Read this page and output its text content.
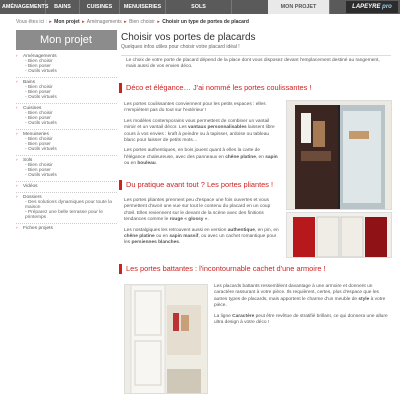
AMÉNAGEMENTS	BAINS	CUISINES	MENUISERIES	SOLS	MON PROJET	LAPEYRE pro
Vous êtes ici : ▸ Mon projet ▸ Aménagements ▸ Bien choisir ▸ Choisir un type de portes de placard
Mon projet
› Aménagements
- Bien choisir
- Bien poser
- Outils virtuels
› Bains
- Bien choisir
- Bien poser
- Outils virtuels
› Cuisines
- Bien choisir
- Bien poser
- Outils virtuels
› Menuiseries
- Bien choisir
- Bien poser
- Outils virtuels
› Sols
- Bien choisir
- Bien poser
- Outils virtuels
› Vidéos
› Dossiers
- Des solutions dynamiques pour toute la maison
- Préparez une belle terrasse pour le printemps
› Fiches projets
Choisir vos portes de placards
Quelques infos utiles pour choisir votre placard idéal !

Le choix de votre porte de placard dépend de la place dont vous disposez devant l'emplacement destiné au rangement, mais aussi de vos envies déco.

Déco et élégance… J'ai nommé les portes coulissantes !

Les portes coulissantes conviennent pour les petits espaces : elles n'empiètent pas du tout sur l'extérieur !

Les modèles contemporains vous permettent de combiner un vantail miroir et un vantail décor. Les vantaux personnalisables laissent libre cours à vos envies : kraft à peindre ou à tapisser, ardoise ou tableau blanc pour laisser de petits mots…

Les portes authentiques, en bois jouent quant à elles la carte de l'élégance chaleureuse, avec des panneaux en chêne platine, en sapin ou en bouleau.

Du pratique avant tout ? Les portes pliantes !

Les portes pliantes prennent peu d'espace une fois ouvertes et vous permettent d'avoir une vue sur tout le contenu du placard en un coup d'œil. Elles reviennent sur le devant de la scène avec des finitions tendances comme le rouge « glossy ».

Les nostalgiques les retrouvent aussi en version authentique, en pin, en chêne platine ou en sapin massif, ou avec un cachet romantique pour les persiennes blanches.

Les portes battantes : l'incontournable cachet d'une armoire !

Les placards battants ressemblent davantage à une armoire et donnent un caractère rassurant à votre pièce. Ils requièrent, certes, plus d'espace que les autres types de placards, mais apportent le charme d'un meuble de style à votre pièce.

La ligne Caractère peut être revêtue de stratifié brillant, ce qui donnera une allure ultra design à votre déco !
